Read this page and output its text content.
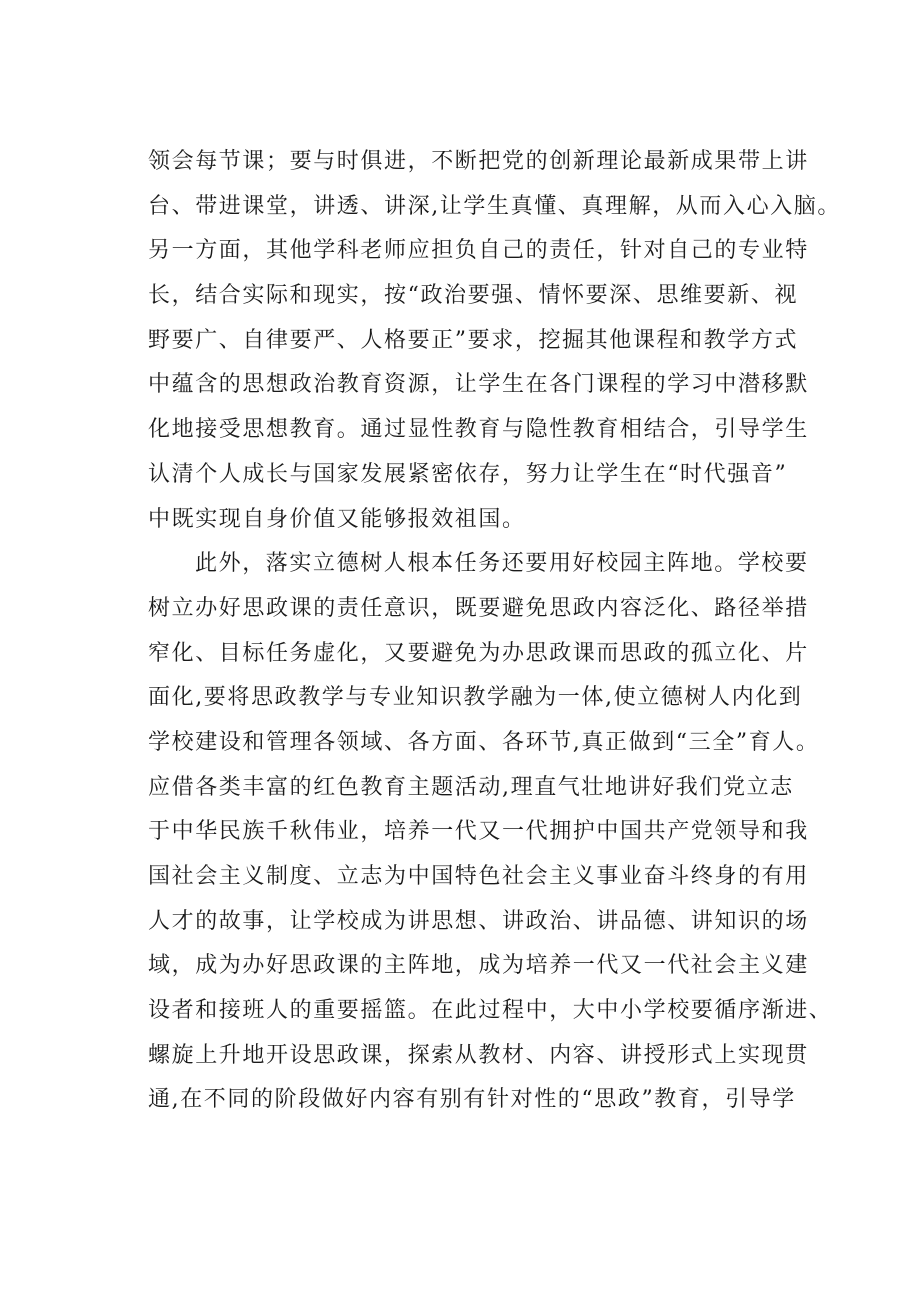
领会每节课；要与时俱进，不断把党的创新理论最新成果带上讲
台、带进课堂，讲透、讲深,让学生真懂、真理解，从而入心入脑。
另一方面，其他学科老师应担负自己的责任，针对自己的专业特
长，结合实际和现实，按“政治要强、情怀要深、思维要新、视
野要广、自律要严、人格要正”要求，挖掘其他课程和教学方式
中蕴含的思想政治教育资源，让学生在各门课程的学习中潜移默
化地接受思想教育。通过显性教育与隐性教育相结合，引导学生
认清个人成长与国家发展紧密依存，努力让学生在“时代强音”
中既实现自身价值又能够报效祖国。
此外，落实立德树人根本任务还要用好校园主阵地。学校要
树立办好思政课的责任意识，既要避免思政内容泛化、路径举措
窄化、目标任务虚化，又要避免为办思政课而思政的孤立化、片
面化,要将思政教学与专业知识教学融为一体,使立德树人内化到
学校建设和管理各领域、各方面、各环节,真正做到“三全”育人。
应借各类丰富的红色教育主题活动,理直气壮地讲好我们党立志
于中华民族千秋伟业，培养一代又一代拥护中国共产党领导和我
国社会主义制度、立志为中国特色社会主义事业奋斗终身的有用
人才的故事，让学校成为讲思想、讲政治、讲品德、讲知识的场
域，成为办好思政课的主阵地，成为培养一代又一代社会主义建
设者和接班人的重要摇篮。在此过程中，大中小学校要循序渐进、
螺旋上升地开设思政课，探索从教材、内容、讲授形式上实现贯
通,在不同的阶段做好内容有别有针对性的“思政”教育，引导学
